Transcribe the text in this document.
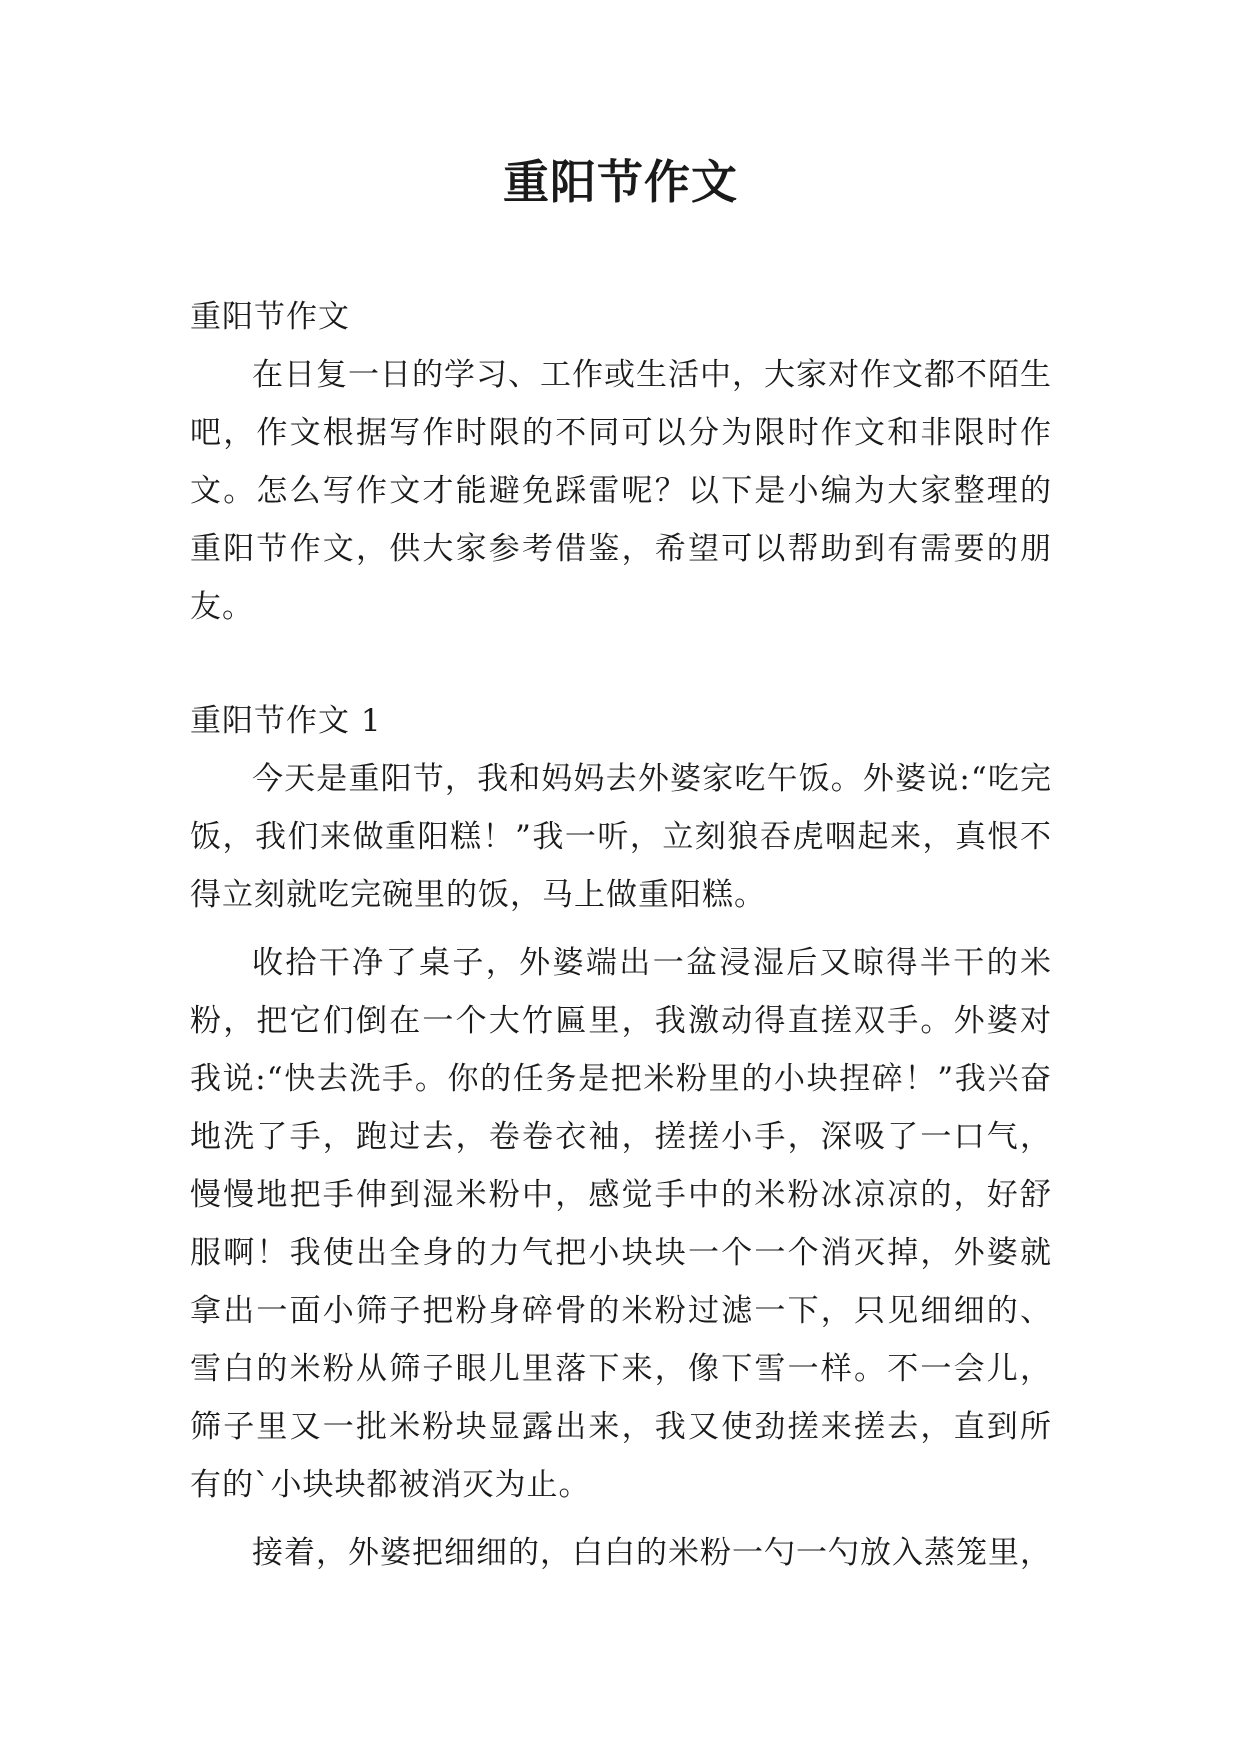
重阳节作文
重阳节作文

在日复一日的学习、工作或生活中，大家对作文都不陌生吧，作文根据写作时限的不同可以分为限时作文和非限时作文。怎么写作文才能避免踩雷呢？以下是小编为大家整理的重阳节作文，供大家参考借鉴，希望可以帮助到有需要的朋友。

重阳节作文 1

今天是重阳节，我和妈妈去外婆家吃午饭。外婆说:“吃完饭，我们来做重阳糕！”我一听，立刻狼吞虎咽起来，真恨不得立刻就吃完碗里的饭，马上做重阳糕。

收拾干净了桌子，外婆端出一盆浸湿后又晾得半干的米粉，把它们倒在一个大竹匾里，我激动得直搓双手。外婆对我说:“快去洗手。你的任务是把米粉里的小块捏碎！”我兴奋地洗了手，跑过去，卷卷衣袖，搓搓小手，深吸了一口气，慢慢地把手伸到湿米粉中，感觉手中的米粉冰凉凉的，好舒服啊！我使出全身的力气把小块块一个一个消灭掉，外婆就拿出一面小筛子把粉身碎骨的米粉过滤一下，只见细细的、雪白的米粉从筛子眼儿里落下来，像下雪一样。不一会儿，筛子里又一批米粉块显露出来，我又使劲搓来搓去，直到所有的`小块块都被消灭为止。

接着，外婆把细细的，白白的米粉一勺一勺放入蒸笼里，
